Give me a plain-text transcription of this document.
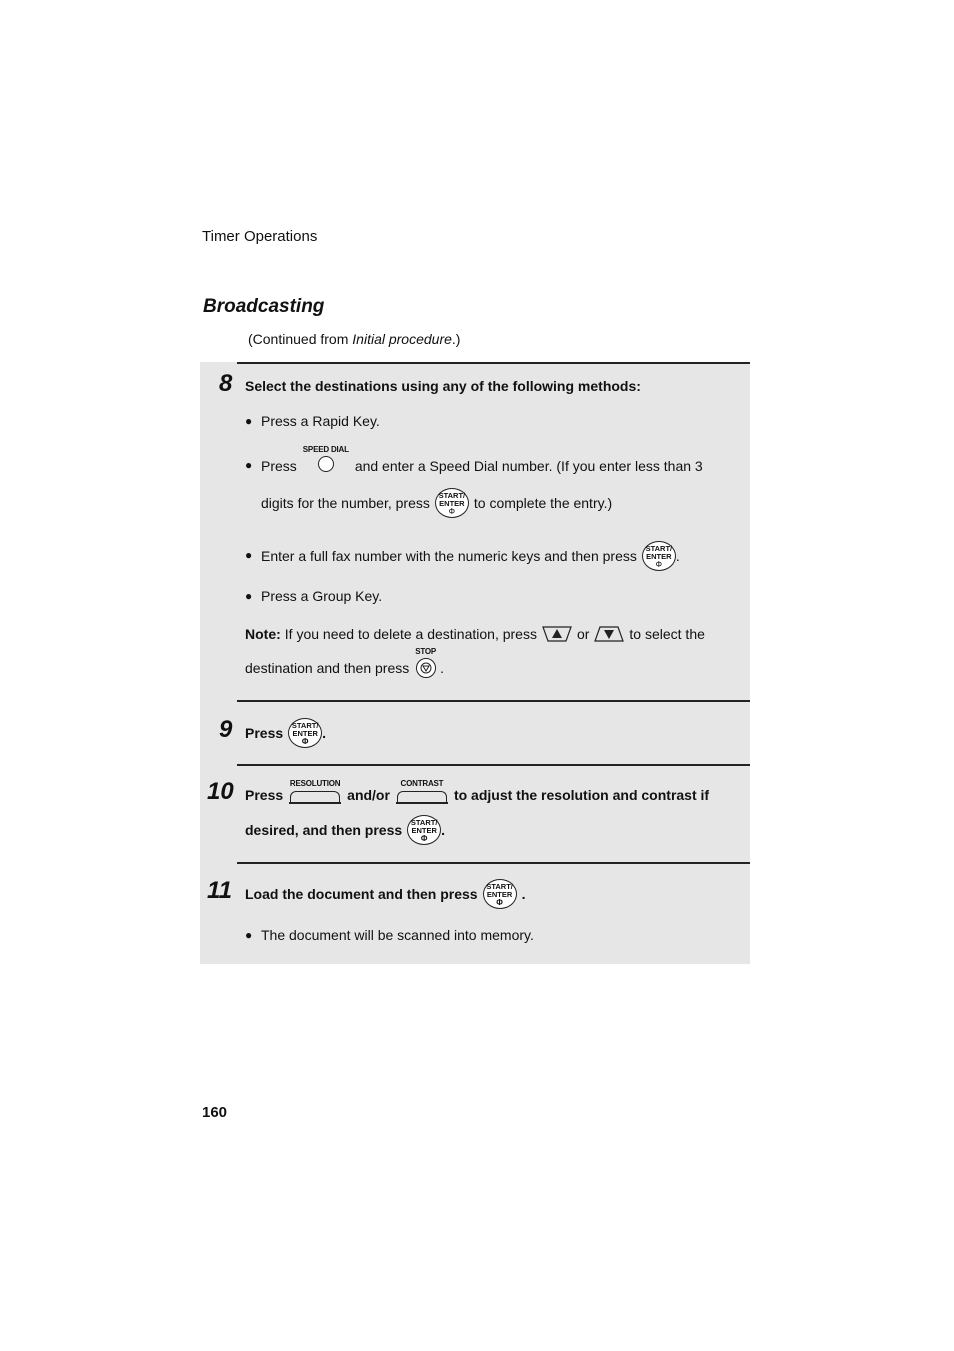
Timer Operations
Broadcasting
(Continued from Initial procedure.)
8 Select the destinations using any of the following methods:
● Press a Rapid Key.
● Press
SPEED DIAL
and enter a Speed Dial number. (If you enter less than 3
digits for the number, press	START/
ENTER
Φ
to complete the entry.)
● Enter a full fax number with the numeric keys and then press	START/
ENTER
Φ
.
● Press a Group Key.
Note: If you need to delete a destination, press	or	to select the
destination and then press
STOP
.
9 Press	START/
ENTER
Φ
.
10 Press
RESOLUTION
and/or
CONTRAST
to adjust the resolution and contrast if
desired, and then press	START/
ENTER
Φ
.
11 Load the document and then press	START/
ENTER
Φ
.
● The document will be scanned into memory.
160
